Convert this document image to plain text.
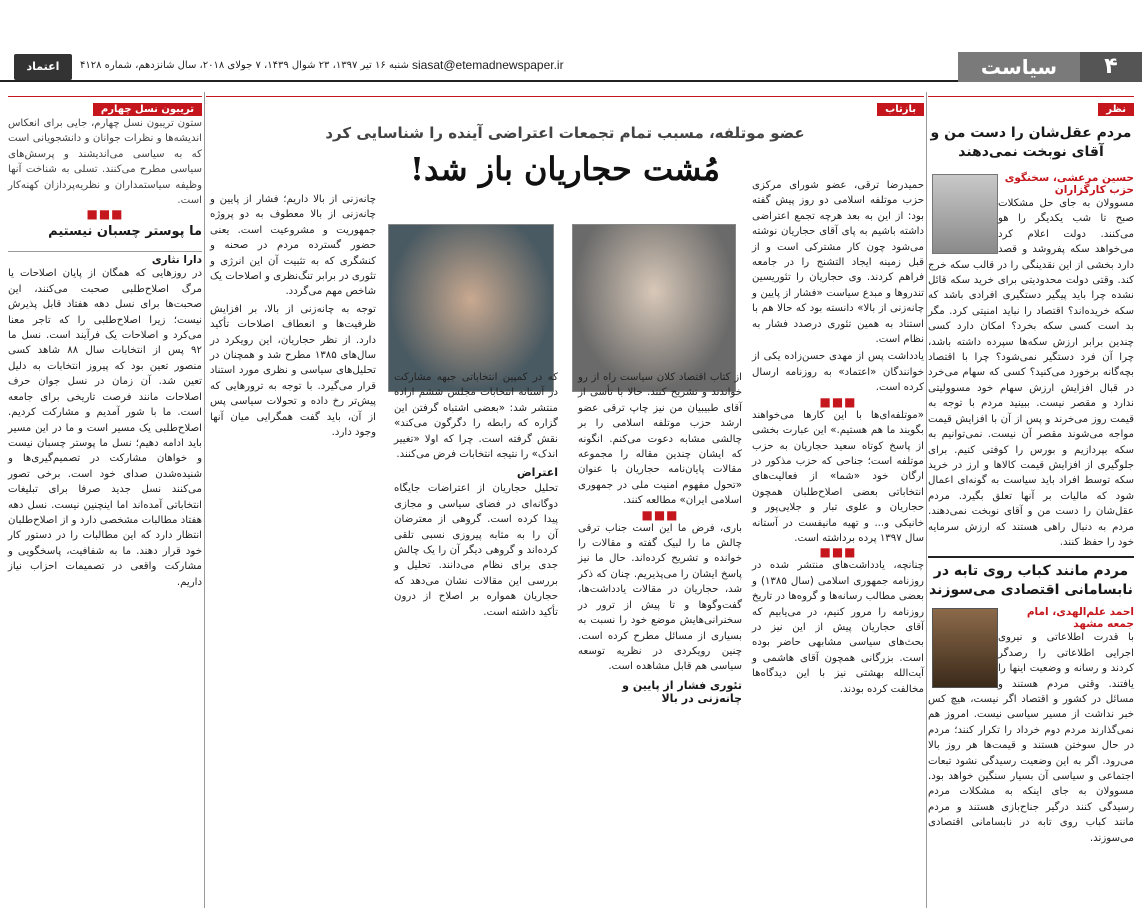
۴
سیاست
siasat@etemadnewspaper.ir
شنبه ۱۶ تیر ۱۳۹۷، ۲۳ شوال ۱۴۳۹، ۷ جولای ۲۰۱۸، سال شانزدهم، شماره ۴۱۲۸
اعتماد
نظر
مردم عقل‌شان را دست من و آقای نوبخت نمی‌دهند
حسین مرعشی، سخنگوی حزب کارگزاران
مسوولان به جای حل مشکلات صبح تا شب یکدیگر را هو می‌کنند. دولت اعلام کرد می‌خواهد سکه پفروشد و قصد دارد بخشی از این نقدینگی را در قالب سکه خرج کند. وقتی دولت محدودیتی برای خرید سکه قائل نشده چرا باید پیگیر دستگیری افرادی باشد که سکه خریده‌اند؟ اقتصاد را نباید امنیتی کرد. مگر بد است کسی سکه بخرد؟ امکان دارد کسی چندین برابر ارزش سکه‌ها سپرده داشته باشد، چرا آن فرد دستگیر نمی‌شود؟ چرا با اقتصاد بچه‌گانه برخورد می‌کنید؟ کسی که سهام می‌خرد در قبال افزایش ارزش سهام خود مسوولیتی ندارد و مقصر نیست. ببینید مردم با توجه به قیمت روز می‌خرند و پس از آن با افزایش قیمت مواجه می‌شوند مقصر آن نیست. نمی‌توانیم به سکه بپردازیم و بورس را کوفتی کنیم. برای جلوگیری از افزایش قیمت کالاها و ارز در خرید سکه توسط افراد باید سیاست به گونه‌ای اعمال شود که مالیات بر آنها تعلق بگیرد. مردم عقل‌شان را دست من و آقای نوبخت نمی‌دهند. مردم به دنبال راهی هستند که ارزش سرمایه خود را حفظ کنند.
مردم مانند کباب روی تابه در نابسامانی اقتصادی می‌سوزند
احمد علم‌الهدی، امام جمعه مشهد
با قدرت اطلاعاتی و نیروی اجرایی اطلاعاتی را رصدگر کردند و رسانه و وضعیت اینها را یافتند. وقتی مردم هستند و مسائل در کشور و اقتصاد اگر نیست، هیچ کس خبر نداشت از مسیر سیاسی نیست. امروز هم نمی‌گذارند مردم دوم خرداد را تکرار کنند؛ مردم در حال سوختن هستند و قیمت‌ها هر روز بالا می‌رود. اگر به این وضعیت رسیدگی نشود تبعات اجتماعی و سیاسی آن بسیار سنگین خواهد بود. مسوولان به جای اینکه به مشکلات مردم رسیدگی کنند درگیر جناح‌بازی هستند و مردم مانند کباب روی تابه در نابسامانی اقتصادی می‌سوزند.
بازتاب
عضو موتلفه، مسبب تمام تجمعات اعتراضی آینده را شناسایی کرد
مُشت حجاریان باز شد!	حمیدرضا ترقی، عضو شورای مرکزی حزب موتلفه اسلامی دو روز پیش گفته بود: از این به بعد هرچه تجمع اعتراضی داشته باشیم به پای آقای حجاریان نوشته می‌شود چون کار مشترکی است و از قبل زمینه ایجاد التشنج را در جامعه فراهم کردند. وی حجاریان را تئوریسین تندروها و مبدع سیاست «فشار از پایین و چانه‌زنی از بالا» دانسته بود که حالا هم با استناد به همین تئوری درصدد فشار به نظام است.
یادداشت پس از مهدی حسن‌زاده یکی از خوانندگان «اعتماد» به روزنامه ارسال کرده است.
■■■
«موتلفه‌ای‌ها با این کارها می‌خواهند بگویند ما هم هستیم.» این عبارت بخشی از پاسخ کوتاه سعید حجاریان به حزب موتلفه است؛ جناحی که حزب مذکور در ارگان خود «شما» از فعالیت‌های انتخاباتی بعضی اصلاح‌طلبان همچون حجاریان و علوی تبار و جلایی‌پور و خانیکی و... و تهیه مانیفست در آستانه سال ۱۳۹۷ پرده برداشته است.
■■■
چنانچه، یادداشت‌های منتشر شده در روزنامه جمهوری اسلامی (سال ۱۳۸۵) و بعضی مطالب رسانه‌ها و گروه‌ها در تاریخ روزنامه را مرور کنیم، در می‌یابیم که آقای حجاریان پیش از این نیز در بحث‌های سیاسی مشابهی حاضر بوده است. بزرگانی همچون آقای هاشمی و آیت‌الله بهشتی نیز با این دیدگاه‌ها مخالفت کرده بودند.
از کتاب اقتصاد کلان سیاست راه از رو خواندند و تشریح کنند. حالا با تأسی از آقای طبیبیان من نیز چاپ ترقی عضو ارشد حزب موتلفه اسلامی را بر چالشی مشابه دعوت می‌کنم. انگونه که ایشان چندین مقاله را مجموعه مقالات پایان‌نامه حجاریان با عنوان «تحول مفهوم امنیت ملی در جمهوری اسلامی ایران» مطالعه کنند.
■■■
باری، فرض ما این است جناب ترقی چالش ما را لبیک گفته و مقالات را خوانده و تشریح کرده‌اند. حال ما نیز پاسخ ایشان را می‌پذیریم. چنان که ذکر شد، حجاریان در مقالات یادداشت‌ها، گفت‌وگوها و تا پیش از ترور در سخنرانی‌هایش موضع خود را نسبت به بسیاری از مسائل مطرح کرده است. چنین رویکردی در نظریه توسعه سیاسی هم قابل مشاهده است.
تئوری فشار از پایین و چانه‌زنی در بالا
که در کمپین انتخاباتی جبهه مشارکت در آستانه انتخابات مجلس ششم اراده منتشر شد: «بعضی اشتباه گرفتن این گزاره که رابطه را دگرگون می‌کند» نقش گرفته است. چرا که اولا «تغییر اندک» را نتیجه انتخابات فرض می‌کنند.
اعتراض
تحلیل حجاریان از اعتراضات جایگاه دوگانه‌ای در فضای سیاسی و مجازی پیدا کرده است. گروهی از معترضان آن را به مثابه پیروزی نسبی تلقی کرده‌اند و گروهی دیگر آن را یک چالش جدی برای نظام می‌دانند. تحلیل و بررسی این مقالات نشان می‌دهد که حجاریان همواره بر اصلاح از درون تأکید داشته است.
چانه‌زنی از بالا داریم؛ فشار از پایین و چانه‌زنی از بالا معطوف به دو پروژه جمهوریت و مشروعیت است. یعنی حضور گسترده مردم در صحنه و کنشگری که به تثبیت آن این انرژی و تئوری در برابر تنگ‌نظری و اصلاحات یک شاخص مهم می‌گردد.
توجه به چانه‌زنی از بالا، بر افزایش ظرفیت‌ها و انعطاف اصلاحات تأکید دارد. از نظر حجاریان، این رویکرد در سال‌های ۱۳۸۵ مطرح شد و همچنان در تحلیل‌های سیاسی و نظری مورد استناد قرار می‌گیرد. با توجه به ترورهایی که پیش‌تر رخ داده و تحولات سیاسی پس از آن، باید گفت همگرایی میان آنها وجود دارد.
تریبون نسل چهارم
ستون تریبون نسل چهارم، جایی برای انعکاس اندیشه‌ها و نظرات جوانان و دانشجویانی است که به سیاسی می‌اندیشند و پرسش‌های سیاسی مطرح می‌کنند. تسلی به شناخت آنها وظیفه سیاستمداران و نظریه‌پردازان کهنه‌کار است.
■■■
ما پوستر چسبان نیستیم
دارا نثاری
در روزهایی که همگان از پایان اصلاحات یا مرگ اصلاح‌طلبی صحبت می‌کنند، این صحبت‌ها برای نسل دهه هفتاد قابل پذیرش نیست؛ زیرا اصلاح‌طلبی را که تاجر معنا می‌کرد و اصلاحات یک فرآیند است. نسل ما ۹۲ پس از انتخابات سال ۸۸ شاهد کسی منصور تعین بود که پیروز انتخابات به دلیل تعین شد. آن زمان در نسل جوان حرف اصلاحات مانند فرصت تاریخی برای جامعه است. ما با شور آمدیم و مشارکت کردیم. اصلاح‌طلبی یک مسیر است و ما در این مسیر باید ادامه دهیم؛ نسل ما پوستر چسبان نیست و خواهان مشارکت در تصمیم‌گیری‌ها و شنیده‌شدن صدای خود است. برخی تصور می‌کنند نسل جدید صرفا برای تبلیغات انتخاباتی آمده‌اند اما اینچنین نیست. نسل دهه هفتاد مطالبات مشخصی دارد و از اصلاح‌طلبان انتظار دارد که این مطالبات را در دستور کار خود قرار دهند. ما به شفافیت، پاسخگویی و مشارکت واقعی در تصمیمات احزاب نیاز داریم.
